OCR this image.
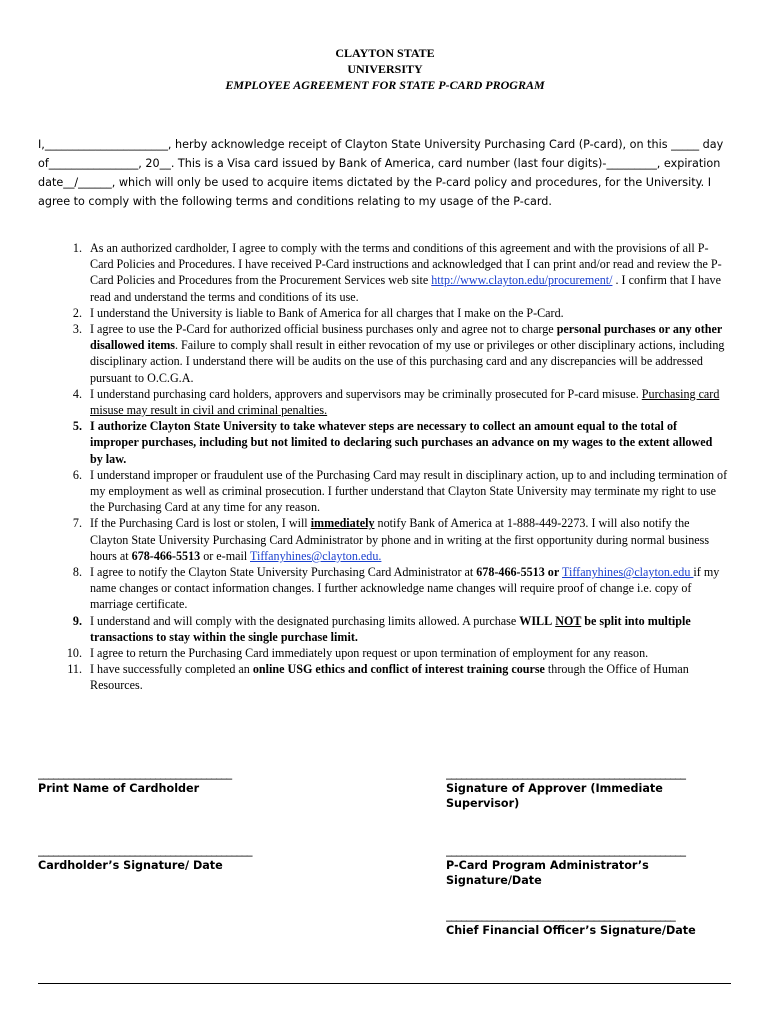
CLAYTON STATE
UNIVERSITY
EMPLOYEE AGREEMENT FOR STATE P-CARD PROGRAM
I,______________________, herby acknowledge receipt of Clayton State University Purchasing Card (P-card), on this _____ day of________________, 20__. This is a Visa card issued by Bank of America, card number (last four digits)-_________, expiration date__/______, which will only be used to acquire items dictated by the P-card policy and procedures, for the University. I agree to comply with the following terms and conditions relating to my usage of the P-card.
1. As an authorized cardholder, I agree to comply with the terms and conditions of this agreement and with the provisions of all P-Card Policies and Procedures. I have received P-Card instructions and acknowledged that I can print and/or read and review the P-Card Policies and Procedures from the Procurement Services web site http://www.clayton.edu/procurement/ . I confirm that I have read and understand the terms and conditions of its use.
2. I understand the University is liable to Bank of America for all charges that I make on the P-Card.
3. I agree to use the P-Card for authorized official business purchases only and agree not to charge personal purchases or any other disallowed items. Failure to comply shall result in either revocation of my use or privileges or other disciplinary actions, including disciplinary action. I understand there will be audits on the use of this purchasing card and any discrepancies will be addressed pursuant to O.C.G.A.
4. I understand purchasing card holders, approvers and supervisors may be criminally prosecuted for P-card misuse. Purchasing card misuse may result in civil and criminal penalties.
5. I authorize Clayton State University to take whatever steps are necessary to collect an amount equal to the total of improper purchases, including but not limited to declaring such purchases an advance on my wages to the extent allowed by law.
6. I understand improper or fraudulent use of the Purchasing Card may result in disciplinary action, up to and including termination of my employment as well as criminal prosecution. I further understand that Clayton State University may terminate my right to use the Purchasing Card at any time for any reason.
7. If the Purchasing Card is lost or stolen, I will immediately notify Bank of America at 1-888-449-2273. I will also notify the Clayton State University Purchasing Card Administrator by phone and in writing at the first opportunity during normal business hours at 678-466-5513 or e-mail Tiffanyhines@clayton.edu.
8. I agree to notify the Clayton State University Purchasing Card Administrator at 678-466-5513 or Tiffanyhines@clayton.edu if my name changes or contact information changes. I further acknowledge name changes will require proof of change i.e. copy of marriage certificate.
9. I understand and will comply with the designated purchasing limits allowed. A purchase WILL NOT be split into multiple transactions to stay within the single purchase limit.
10. I agree to return the Purchasing Card immediately upon request or upon termination of employment for any reason.
11. I have successfully completed an online USG ethics and conflict of interest training course through the Office of Human Resources.
______________________________________
Print Name of Cardholder
_______________________________________________
Signature of Approver (Immediate Supervisor)
__________________________________________
Cardholder’s Signature/ Date
_______________________________________________
P-Card Program Administrator’s Signature/Date
_____________________________________________
Chief Financial Officer’s Signature/Date
